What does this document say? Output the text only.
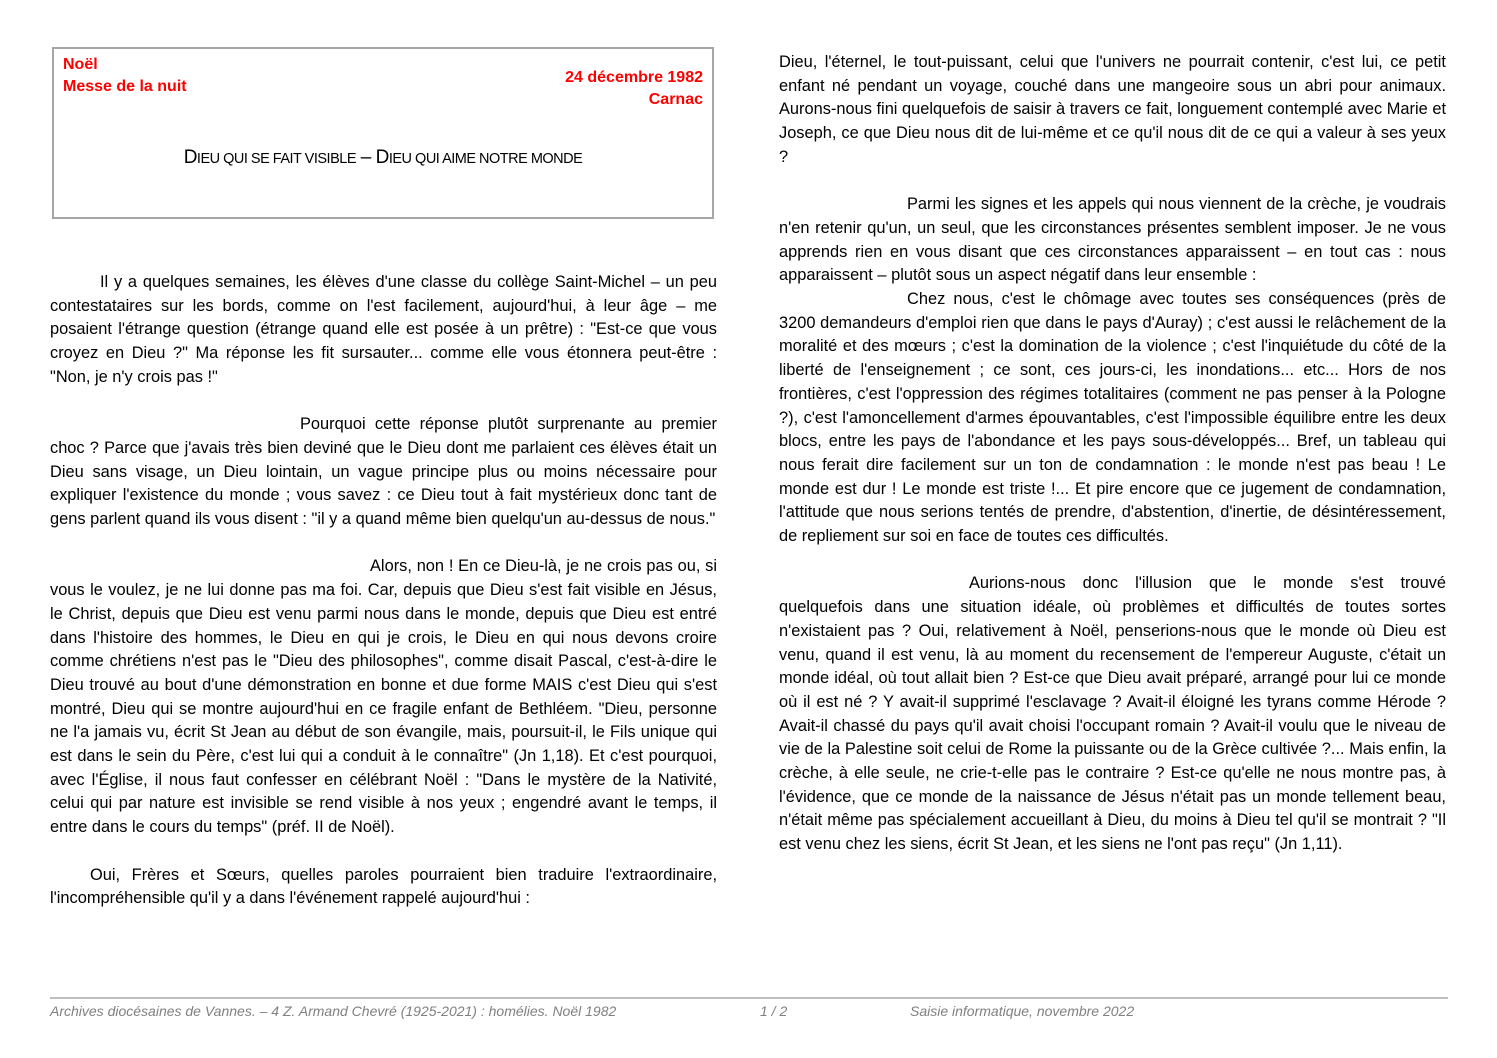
Noël
Messe de la nuit
24 décembre 1982
Carnac
DIEU QUI SE FAIT VISIBLE – DIEU QUI AIME NOTRE MONDE

Il y a quelques semaines, les élèves d'une classe du collège Saint-Michel – un peu contestataires sur les bords, comme on l'est facilement, aujourd'hui, à leur âge – me posaient l'étrange question (étrange quand elle est posée à un prêtre) : "Est-ce que vous croyez en Dieu ?" Ma réponse les fit sursauter... comme elle vous étonnera peut-être : "Non, je n'y crois pas !"

Pourquoi cette réponse plutôt surprenante au premier choc ? Parce que j'avais très bien deviné que le Dieu dont me parlaient ces élèves était un Dieu sans visage, un Dieu lointain, un vague principe plus ou moins nécessaire pour expliquer l'existence du monde ; vous savez : ce Dieu tout à fait mystérieux donc tant de gens parlent quand ils vous disent : "il y a quand même bien quelqu'un au-dessus de nous."

Alors, non ! En ce Dieu-là, je ne crois pas ou, si vous le voulez, je ne lui donne pas ma foi. Car, depuis que Dieu s'est fait visible en Jésus, le Christ, depuis que Dieu est venu parmi nous dans le monde, depuis que Dieu est entré dans l'histoire des hommes, le Dieu en qui je crois, le Dieu en qui nous devons croire comme chrétiens n'est pas le "Dieu des philosophes", comme disait Pascal, c'est-à-dire le Dieu trouvé au bout d'une démonstration en bonne et due forme MAIS c'est Dieu qui s'est montré, Dieu qui se montre aujourd'hui en ce fragile enfant de Bethléem. "Dieu, personne ne l'a jamais vu, écrit St Jean au début de son évangile, mais, poursuit-il, le Fils unique qui est dans le sein du Père, c'est lui qui a conduit à le connaître" (Jn 1,18). Et c'est pourquoi, avec l'Église, il nous faut confesser en célébrant Noël : "Dans le mystère de la Nativité, celui qui par nature est invisible se rend visible à nos yeux ; engendré avant le temps, il entre dans le cours du temps" (préf. II de Noël).

Oui, Frères et Sœurs, quelles paroles pourraient bien traduire l'extraordinaire, l'incompréhensible qu'il y a dans l'événement rappelé aujourd'hui :

Dieu, l'éternel, le tout-puissant, celui que l'univers ne pourrait contenir, c'est lui, ce petit enfant né pendant un voyage, couché dans une mangeoire sous un abri pour animaux. Aurons-nous fini quelquefois de saisir à travers ce fait, longuement contemplé avec Marie et Joseph, ce que Dieu nous dit de lui-même et ce qu'il nous dit de ce qui a valeur à ses yeux ?

Parmi les signes et les appels qui nous viennent de la crèche, je voudrais n'en retenir qu'un, un seul, que les circonstances présentes semblent imposer. Je ne vous apprends rien en vous disant que ces circonstances apparaissent – en tout cas : nous apparaissent – plutôt sous un aspect négatif dans leur ensemble :

Chez nous, c'est le chômage avec toutes ses conséquences (près de 3200 demandeurs d'emploi rien que dans le pays d'Auray) ; c'est aussi le relâchement de la moralité et des mœurs ; c'est la domination de la violence ; c'est l'inquiétude du côté de la liberté de l'enseignement ; ce sont, ces jours-ci, les inondations... etc... Hors de nos frontières, c'est l'oppression des régimes totalitaires (comment ne pas penser à la Pologne ?), c'est l'amoncellement d'armes épouvantables, c'est l'impossible équilibre entre les deux blocs, entre les pays de l'abondance et les pays sous-développés... Bref, un tableau qui nous ferait dire facilement sur un ton de condamnation : le monde n'est pas beau ! Le monde est dur ! Le monde est triste !... Et pire encore que ce jugement de condamnation, l'attitude que nous serions tentés de prendre, d'abstention, d'inertie, de désintéressement, de repliement sur soi en face de toutes ces difficultés.

Aurions-nous donc l'illusion que le monde s'est trouvé quelquefois dans une situation idéale, où problèmes et difficultés de toutes sortes n'existaient pas ? Oui, relativement à Noël, penserions-nous que le monde où Dieu est venu, quand il est venu, là au moment du recensement de l'empereur Auguste, c'était un monde idéal, où tout allait bien ? Est-ce que Dieu avait préparé, arrangé pour lui ce monde où il est né ? Y avait-il supprimé l'esclavage ? Avait-il éloigné les tyrans comme Hérode ? Avait-il chassé du pays qu'il avait choisi l'occupant romain ? Avait-il voulu que le niveau de vie de la Palestine soit celui de Rome la puissante ou de la Grèce cultivée ?... Mais enfin, la crèche, à elle seule, ne crie-t-elle pas le contraire ? Est-ce qu'elle ne nous montre pas, à l'évidence, que ce monde de la naissance de Jésus n'était pas un monde tellement beau, n'était même pas spécialement accueillant à Dieu, du moins à Dieu tel qu'il se montrait ? "Il est venu chez les siens, écrit St Jean, et les siens ne l'ont pas reçu" (Jn 1,11).

Archives diocésaines de Vannes. – 4 Z. Armand Chevré (1925-2021) : homélies. Noël 1982	1 / 2	Saisie informatique, novembre 2022
